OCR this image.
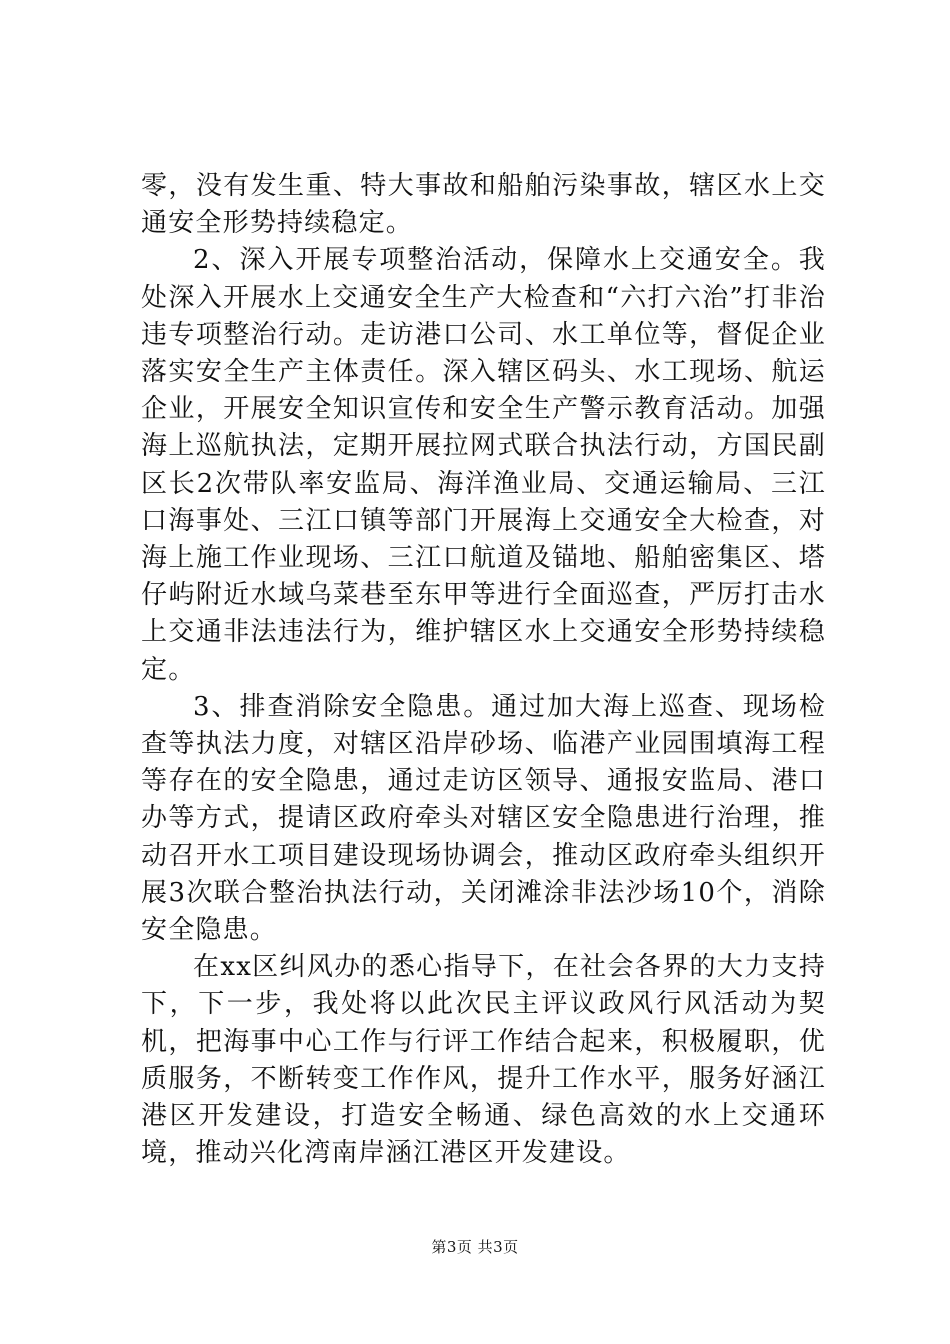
零，没有发生重、特大事故和船舶污染事故，辖区水上交通安全形势持续稳定。

2、深入开展专项整治活动，保障水上交通安全。我处深入开展水上交通安全生产大检查和“六打六治”打非治违专项整治行动。走访港口公司、水工单位等，督促企业落实安全生产主体责任。深入辖区码头、水工现场、航运企业，开展安全知识宣传和安全生产警示教育活动。加强海上巡航执法，定期开展拉网式联合执法行动，方国民副区长2次带队率安监局、海洋渔业局、交通运输局、三江口海事处、三江口镇等部门开展海上交通安全大检查，对海上施工作业现场、三江口航道及锚地、船舶密集区、塔仔屿附近水域乌菜巷至东甲等进行全面巡查，严厉打击水上交通非法违法行为，维护辖区水上交通安全形势持续稳定。

3、排查消除安全隐患。通过加大海上巡查、现场检查等执法力度，对辖区沿岸砂场、临港产业园围填海工程等存在的安全隐患，通过走访区领导、通报安监局、港口办等方式，提请区政府牵头对辖区安全隐患进行治理，推动召开水工项目建设现场协调会，推动区政府牵头组织开展3次联合整治执法行动，关闭滩涂非法沙场10个，消除安全隐患。

在xx区纠风办的悉心指导下，在社会各界的大力支持下，下一步，我处将以此次民主评议政风行风活动为契机，把海事中心工作与行评工作结合起来，积极履职，优质服务，不断转变工作作风，提升工作水平，服务好涵江港区开发建设，打造安全畅通、绿色高效的水上交通环境，推动兴化湾南岸涵江港区开发建设。

第3页 共3页
